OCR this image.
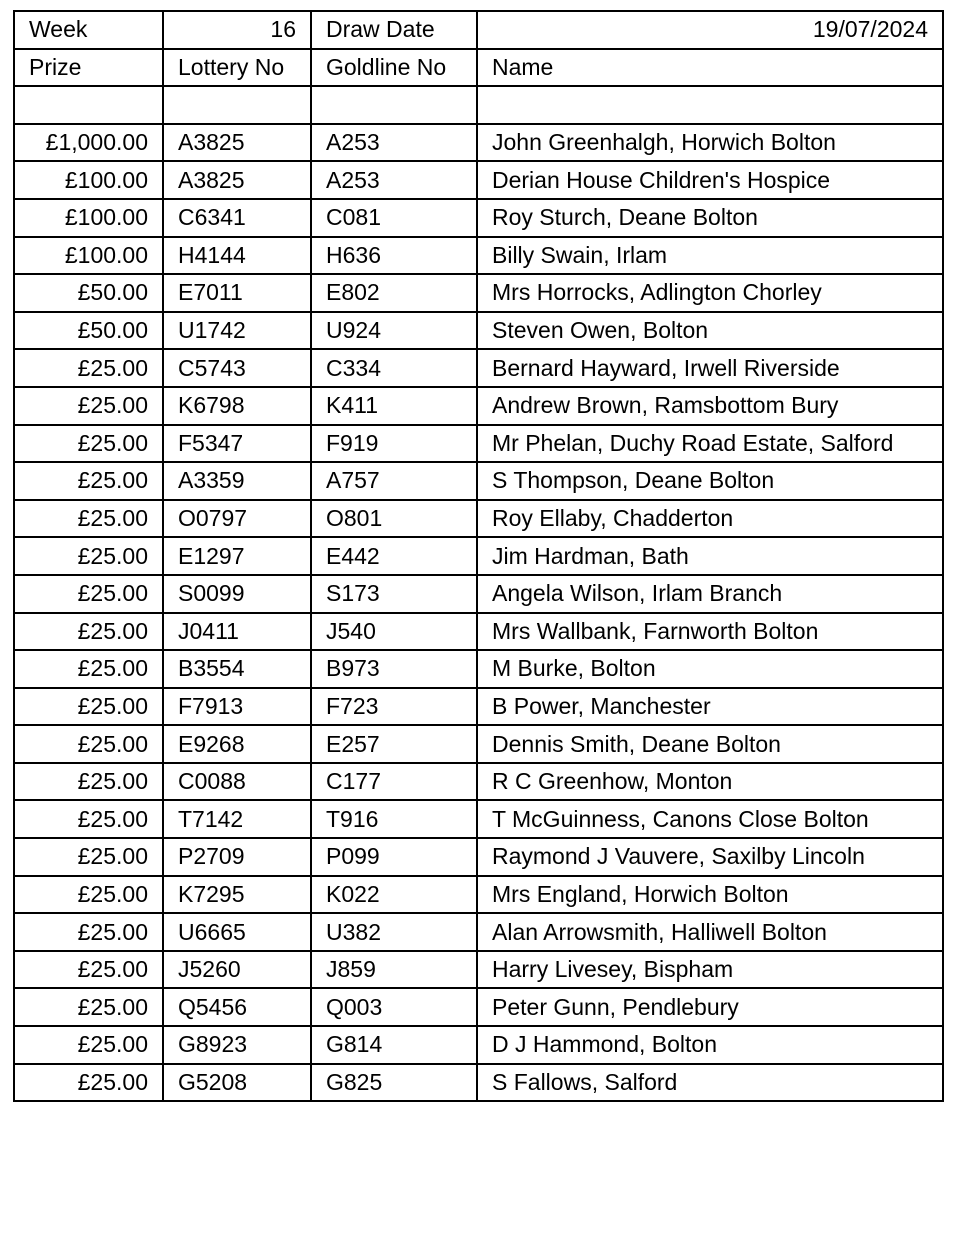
Week	16	Draw Date	19/07/2024
Prize	Lottery No	Goldline No	Name

£1,000.00	A3825	A253	John Greenhalgh, Horwich Bolton
£100.00	A3825	A253	Derian House Children's Hospice
£100.00	C6341	C081	Roy Sturch, Deane Bolton
£100.00	H4144	H636	Billy Swain, Irlam
£50.00	E7011	E802	Mrs Horrocks, Adlington Chorley
£50.00	U1742	U924	Steven Owen, Bolton
£25.00	C5743	C334	Bernard Hayward, Irwell Riverside
£25.00	K6798	K411	Andrew Brown, Ramsbottom Bury
£25.00	F5347	F919	Mr Phelan, Duchy Road Estate, Salford
£25.00	A3359	A757	S Thompson, Deane Bolton
£25.00	O0797	O801	Roy Ellaby, Chadderton
£25.00	E1297	E442	Jim Hardman, Bath
£25.00	S0099	S173	Angela Wilson, Irlam Branch
£25.00	J0411	J540	Mrs Wallbank, Farnworth Bolton
£25.00	B3554	B973	M Burke, Bolton
£25.00	F7913	F723	B Power, Manchester
£25.00	E9268	E257	Dennis Smith, Deane Bolton
£25.00	C0088	C177	R C Greenhow, Monton
£25.00	T7142	T916	T McGuinness, Canons Close Bolton
£25.00	P2709	P099	Raymond J Vauvere, Saxilby Lincoln
£25.00	K7295	K022	Mrs England, Horwich Bolton
£25.00	U6665	U382	Alan Arrowsmith, Halliwell Bolton
£25.00	J5260	J859	Harry Livesey, Bispham
£25.00	Q5456	Q003	Peter Gunn, Pendlebury
£25.00	G8923	G814	D J Hammond, Bolton
£25.00	G5208	G825	S Fallows, Salford
